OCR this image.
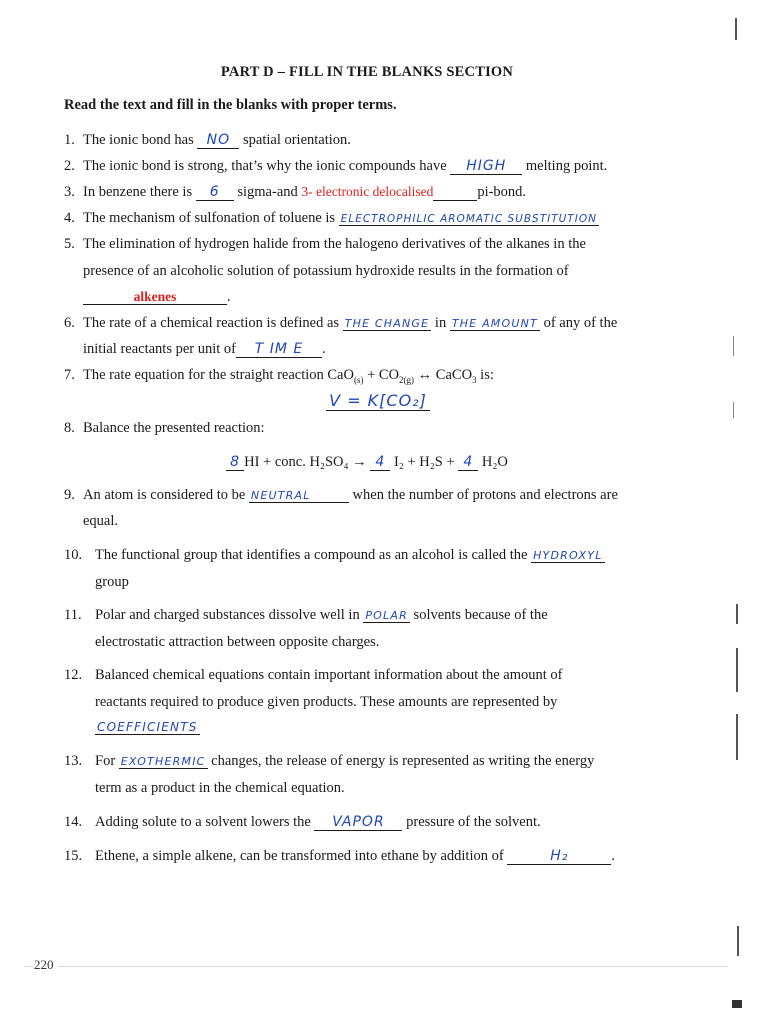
PART D – FILL IN THE BLANKS SECTION
Read the text and fill in the blanks with proper terms.
1. The ionic bond has NO spatial orientation.
2. The ionic bond is strong, that’s why the ionic compounds have HIGH melting point.
3. In benzene there is 6 sigma-and 3- electronic delocalised	pi-bond.
4. The mechanism of sulfonation of toluene is ELECTROPHILIC AROMATIC SUBSTITUTION
5. The elimination of hydrogen halide from the halogeno derivatives of the alkanes in the
presence of an alcoholic solution of potassium hydroxide results in the formation of
alkenes	.
6. The rate of a chemical reaction is defined as THE CHANGE in THE AMOUNT of any of the
initial reactants per unit of T IM E .
7. The rate equation for the straight reaction $CaO_{(s)} + CO_{2(g)}$ ↔ CaCO$_3$ is:
V = K[CO₂]
8. Balance the presented reaction:
8 HI + conc. H₂SO₄ → 4 I₂ + H₂S + 4 H₂O
9. An atom is considered to be NEUTRAL	when the number of protons and electrons are
equal.
10. The functional group that identifies a compound as an alcohol is called the HYDROXYL
group
11. Polar and charged substances dissolve well in POLAR solvents because of the
electrostatic attraction between opposite charges.
12. Balanced chemical equations contain important information about the amount of
reactants required to produce given products. These amounts are represented by
COEFFICIENTS
13. For EXOTHERMIC changes, the release of energy is represented as writing the energy
term as a product in the chemical equation.
14. Adding solute to a solvent lowers the VAPOR pressure of the solvent.
15. Ethene, a simple alkene, can be transformed into ethane by addition of	H₂	.
220
